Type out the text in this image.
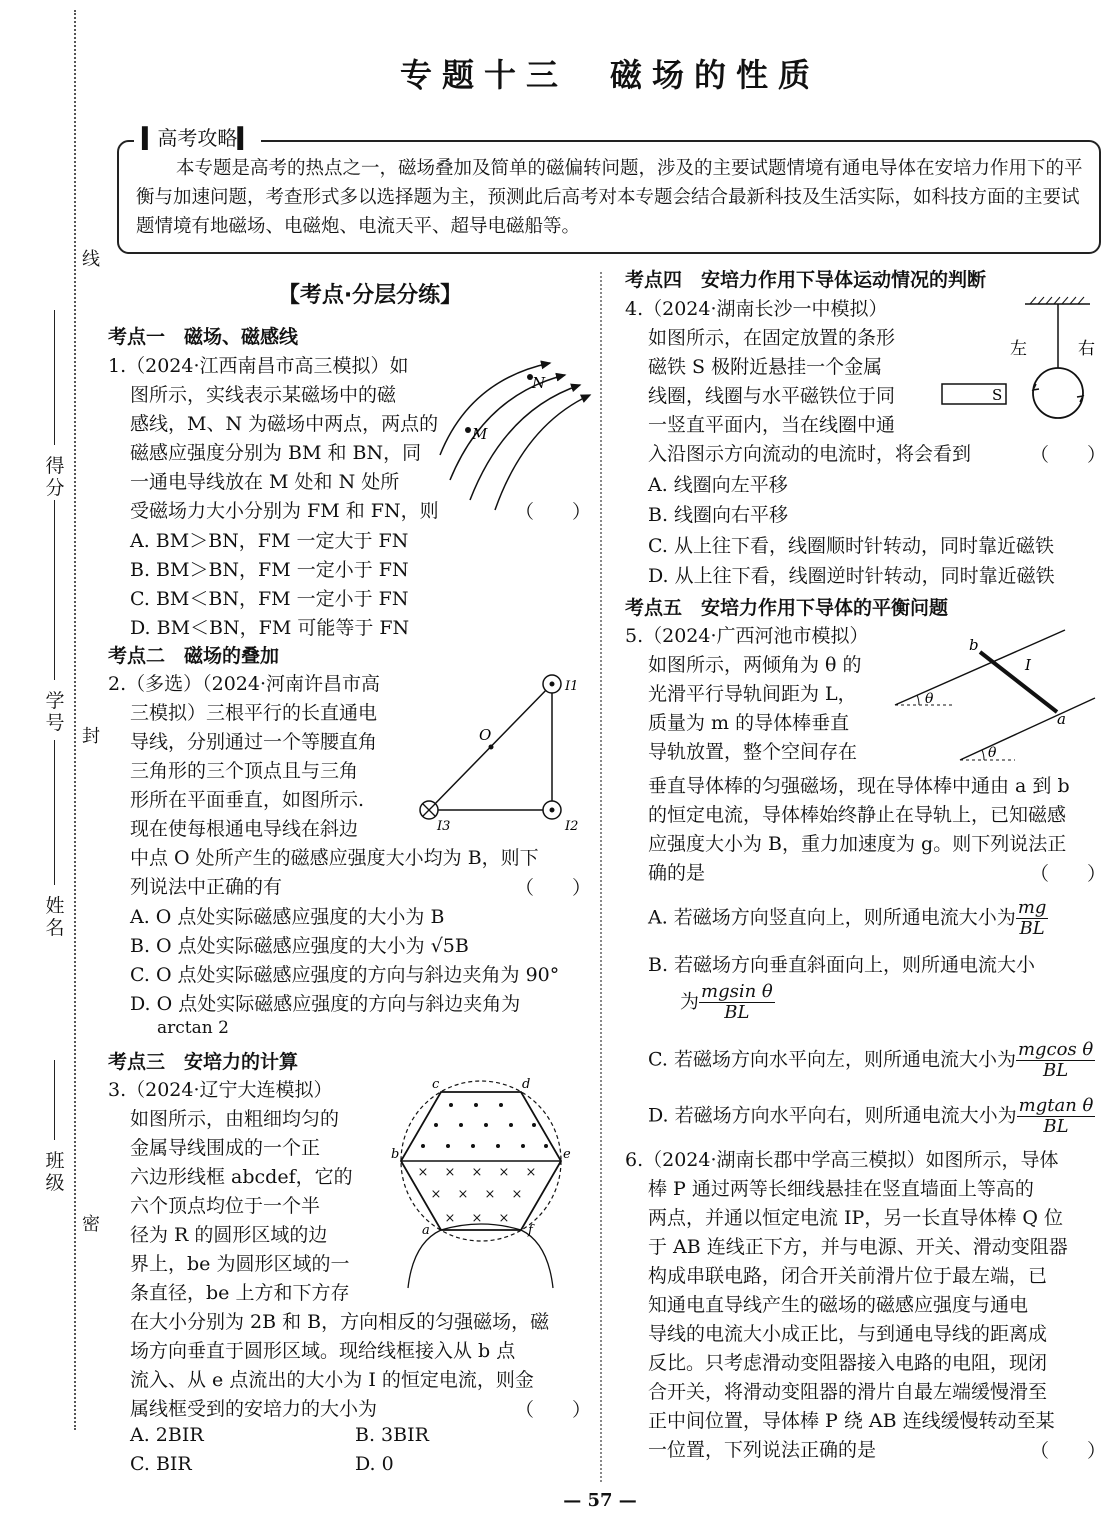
班级
姓名
学号
得分
密
封
线
专题十三　磁场的性质
▍高考攻略▍
本专题是高考的热点之一，磁场叠加及简单的磁偏转问题，涉及的主要试题情境有通电导体在安培力作用下的平衡与加速问题，考查形式多以选择题为主，预测此后高考对本专题会结合最新科技及生活实际，如科技方面的主要试题情境有地磁场、电磁炮、电流天平、超导电磁船等。
【考点·分层分练】
考点一　磁场、磁感线
1.（2024·江西南昌市高三模拟）如
图所示，实线表示某磁场中的磁
感线，M、N 为磁场中两点，两点的
磁感应强度分别为 BM 和 BN，同
一通电导线放在 M 处和 N 处所
受磁场力大小分别为 FM 和 FN，则	（　　）
A. BM＞BN，FM 一定大于 FN
B. BM＞BN，FM 一定小于 FN
C. BM＜BN，FM 一定小于 FN
D. BM＜BN，FM 可能等于 FN
M
N
考点二　磁场的叠加
2.（多选）（2024·河南许昌市高
三模拟）三根平行的长直通电
导线，分别通过一个等腰直角
三角形的三个顶点且与三角
形所在平面垂直，如图所示.
现在使每根通电导线在斜边
中点 O 处所产生的磁感应强度大小均为 B，则下
列说法中正确的有	（　　）
A. O 点处实际磁感应强度的大小为 B
B. O 点处实际磁感应强度的大小为 √5B
C. O 点处实际磁感应强度的方向与斜边夹角为 90°
D. O 点处实际磁感应强度的方向与斜边夹角为
arctan 2
O
I1
I2
I3
考点三　安培力的计算
3.（2024·辽宁大连模拟）
如图所示，由粗细均匀的
金属导线围成的一个正
六边形线框 abcdef，它的
六个顶点均位于一个半
径为 R 的圆形区域的边
界上，be 为圆形区域的一
条直径，be 上方和下方存
在大小分别为 2B 和 B，方向相反的匀强磁场，磁
场方向垂直于圆形区域。现给线框接入从 b 点
流入、从 e 点流出的大小为 I 的恒定电流，则金
属线框受到的安培力的大小为	（　　）
A. 2BIR	B. 3BIR
C. BIR	D. 0
× × × × ×
× × × ×
× × ×
c	d
b	e
a	f
考点四　安培力作用下导体运动情况的判断
4.（2024·湖南长沙一中模拟）
如图所示，在固定放置的条形
磁铁 S 极附近悬挂一个金属
线圈，线圈与水平磁铁位于同
一竖直平面内，当在线圈中通
入沿图示方向流动的电流时，将会看到	（　　）
A. 线圈向左平移
B. 线圈向右平移
C. 从上往下看，线圈顺时针转动，同时靠近磁铁
D. 从上往下看，线圈逆时针转动，同时靠近磁铁
S
左	右
考点五　安培力作用下导体的平衡问题
5.（2024·广西河池市模拟）
如图所示，两倾角为 θ 的
光滑平行导轨间距为 L，
质量为 m 的导体棒垂直
导轨放置，整个空间存在
垂直导体棒的匀强磁场，现在导体棒中通由 a 到 b
的恒定电流，导体棒始终静止在导轨上，已知磁感
应强度大小为 B，重力加速度为 g。则下列说法正
确的是	（　　）
A. 若磁场方向竖直向上，则所通电流大小为 $\frac{mg}{BL}$
B. 若磁场方向垂直斜面向上，则所通电流大小
为 $\frac{\text{mgsin θ}}{BL}$
C. 若磁场方向水平向左，则所通电流大小为 $\frac{\text{mgcos θ}}{BL}$
D. 若磁场方向水平向右，则所通电流大小为 $\frac{\text{mgtan θ}}{BL}$
θ
θ
b
a
I
6.（2024·湖南长郡中学高三模拟）如图所示，导体
棒 P 通过两等长细线悬挂在竖直墙面上等高的
两点，并通以恒定电流 IP，另一长直导体棒 Q 位
于 AB 连线正下方，并与电源、开关、滑动变阻器
构成串联电路，闭合开关前滑片位于最左端，已
知通电直导线产生的磁场的磁感应强度与通电
导线的电流大小成正比，与到通电导线的距离成
反比。只考虑滑动变阻器接入电路的电阻，现闭
合开关，将滑动变阻器的滑片自最左端缓慢滑至
正中间位置，导体棒 P 绕 AB 连线缓慢转动至某
一位置，下列说法正确的是	（　　）
— 57 —
